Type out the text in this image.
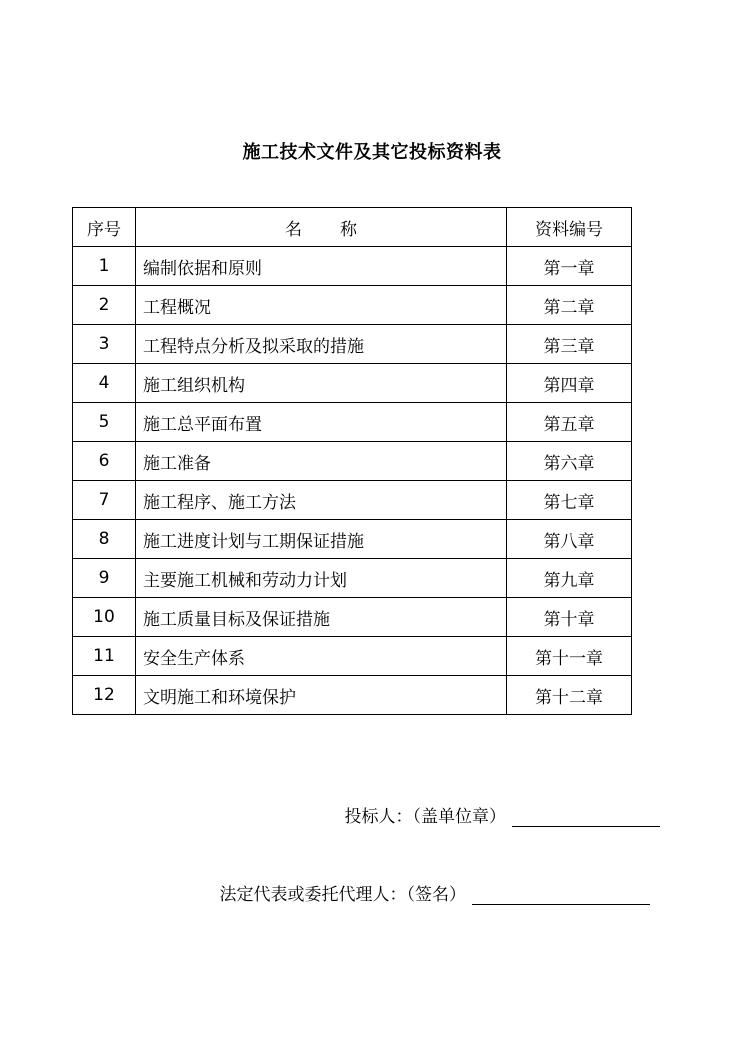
施工技术文件及其它投标资料表
序号	名称	资料编号
1	编制依据和原则	第一章
2	工程概况	第二章
3	工程特点分析及拟采取的措施	第三章
4	施工组织机构	第四章
5	施工总平面布置	第五章
6	施工准备	第六章
7	施工程序、施工方法	第七章
8	施工进度计划与工期保证措施	第八章
9	主要施工机械和劳动力计划	第九章
10	施工质量目标及保证措施	第十章
11	安全生产体系	第十一章
12	文明施工和环境保护	第十二章
投标人：（盖单位章）
法定代表或委托代理人：（签名）
